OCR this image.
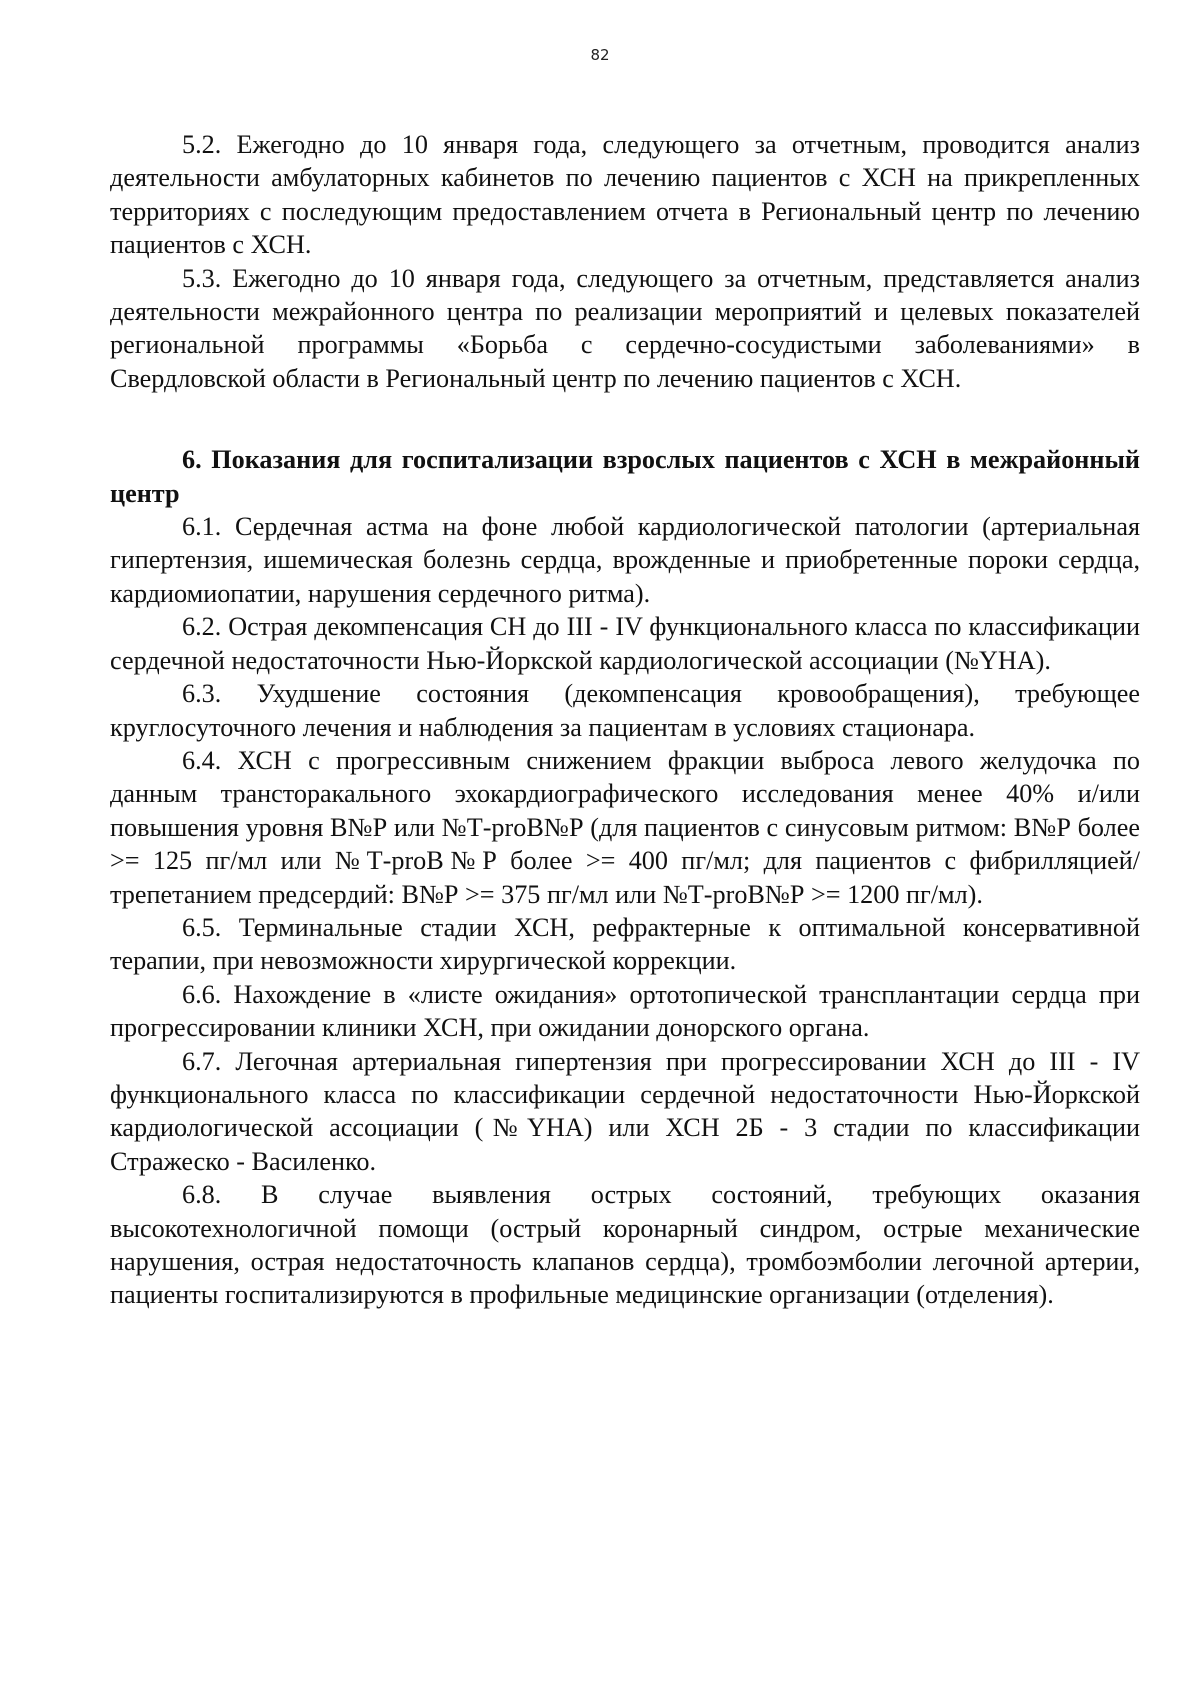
82

5.2. Ежегодно до 10 января года, следующего за отчетным, проводится анализ деятельности амбулаторных кабинетов по лечению пациентов с ХСН на прикрепленных территориях с последующим предоставлением отчета в Региональный центр по лечению пациентов с ХСН.

5.3. Ежегодно до 10 января года, следующего за отчетным, представляется анализ деятельности межрайонного центра по реализации мероприятий и целевых показателей региональной программы «Борьба с сердечно-сосудистыми заболеваниями» в Свердловской области в Региональный центр по лечению пациентов с ХСН.

6. Показания для госпитализации взрослых пациентов с ХСН в межрайонный центр

6.1. Сердечная астма на фоне любой кардиологической патологии (артериальная гипертензия, ишемическая болезнь сердца, врожденные и приобретенные пороки сердца, кардиомиопатии, нарушения сердечного ритма).

6.2. Острая декомпенсация СН до III - IV функционального класса по классификации сердечной недостаточности Нью-Йоркской кардиологической ассоциации (№YHA).

6.3. Ухудшение состояния (декомпенсация кровообращения), требующее круглосуточного лечения и наблюдения за пациентам в условиях стационара.

6.4. ХСН с прогрессивным снижением фракции выброса левого желудочка по данным трансторакального эхокардиографического исследования менее 40% и/или повышения уровня В№Р или №Т-proВ№Р (для пациентов с синусовым ритмом: В№Р более >= 125 пг/мл или №Т-proВ№Р более >= 400 пг/мл; для пациентов с фибрилляцией/трепетанием предсердий: В№Р >= 375 пг/мл или №Т-proВ№Р >= 1200 пг/мл).

6.5. Терминальные стадии ХСН, рефрактерные к оптимальной консервативной терапии, при невозможности хирургической коррекции.

6.6. Нахождение в «листе ожидания» ортотопической трансплантации сердца при прогрессировании клиники ХСН, при ожидании донорского органа.

6.7. Легочная артериальная гипертензия при прогрессировании ХСН до III - IV функционального класса по классификации сердечной недостаточности Нью-Йоркской кардиологической ассоциации (№YHA) или ХСН 2Б - 3 стадии по классификации Стражеско - Василенко.

6.8. В случае выявления острых состояний, требующих оказания высокотехнологичной помощи (острый коронарный синдром, острые механические нарушения, острая недостаточность клапанов сердца), тромбоэмболии легочной артерии, пациенты госпитализируются в профильные медицинские организации (отделения).
